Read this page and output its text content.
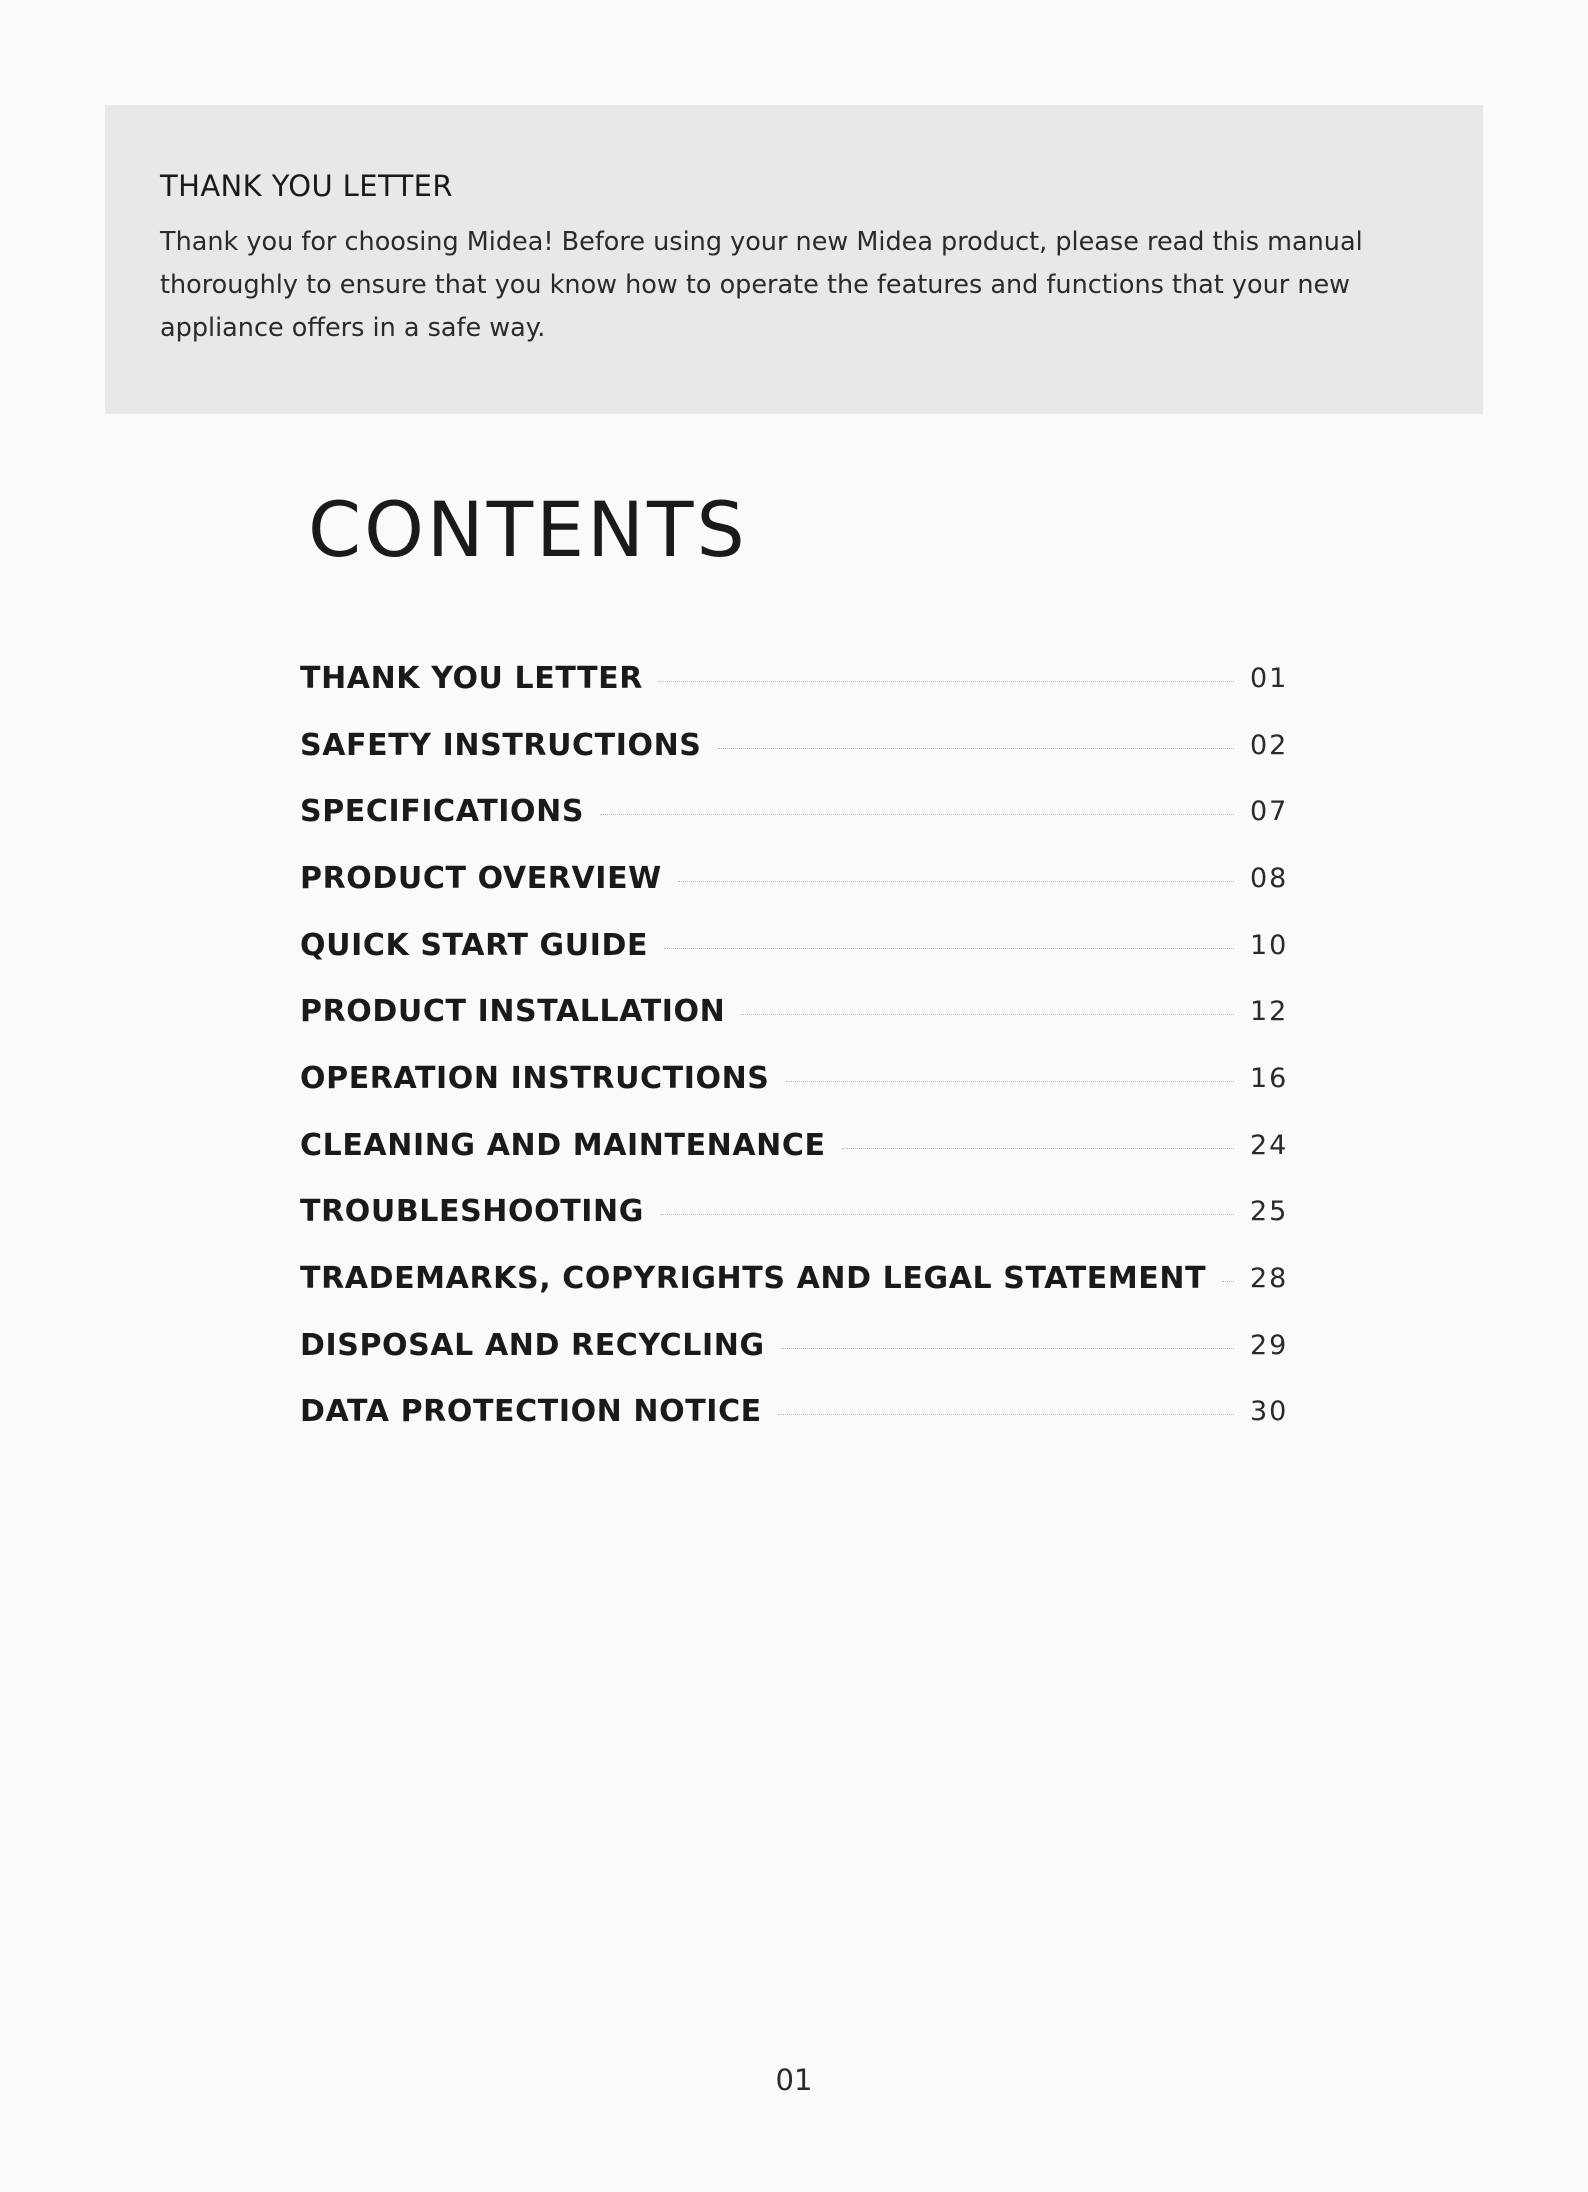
THANK YOU LETTER

Thank you for choosing Midea! Before using your new Midea product, please read this manual thoroughly to ensure that you know how to operate the features and functions that your new appliance offers in a safe way.

CONTENTS
THANK YOU LETTER	01
SAFETY INSTRUCTIONS	02
SPECIFICATIONS	07
PRODUCT OVERVIEW	08
QUICK START GUIDE	10
PRODUCT INSTALLATION	12
OPERATION INSTRUCTIONS	16
CLEANING AND MAINTENANCE	24
TROUBLESHOOTING	25
TRADEMARKS, COPYRIGHTS AND LEGAL STATEMENT 28
DISPOSAL AND RECYCLING	29
DATA PROTECTION NOTICE	30
01
